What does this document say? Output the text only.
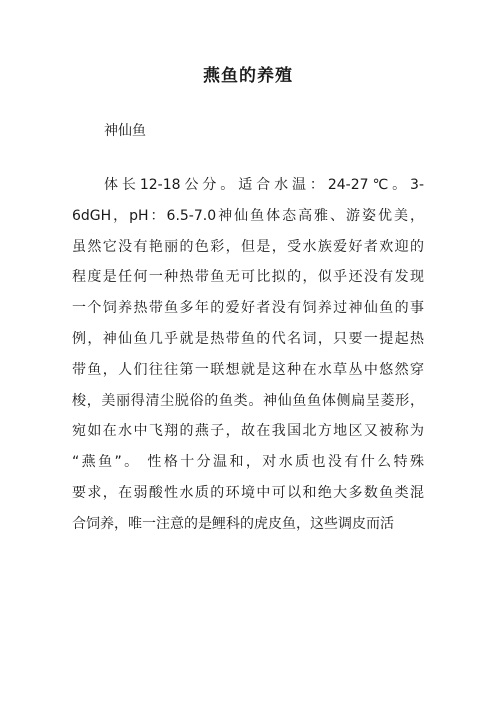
燕鱼的养殖
神仙鱼
体长12-18公分。适合水温：24-27℃。3-
6dGH，pH：6.5-7.0神仙鱼体态高雅、游姿优美，
虽然它没有艳丽的色彩，但是，受水族爱好者欢迎的
程度是任何一种热带鱼无可比拟的，似乎还没有发现
一个饲养热带鱼多年的爱好者没有饲养过神仙鱼的事
例，神仙鱼几乎就是热带鱼的代名词，只要一提起热
带鱼，人们往往第一联想就是这种在水草丛中悠然穿
梭，美丽得清尘脱俗的鱼类。神仙鱼鱼体侧扁呈菱形，
宛如在水中飞翔的燕子，故在我国北方地区又被称为
“燕鱼”。 性格十分温和，对水质也没有什么特殊
要求，在弱酸性水质的环境中可以和绝大多数鱼类混
合饲养，唯一注意的是鲤科的虎皮鱼，这些调皮而活
